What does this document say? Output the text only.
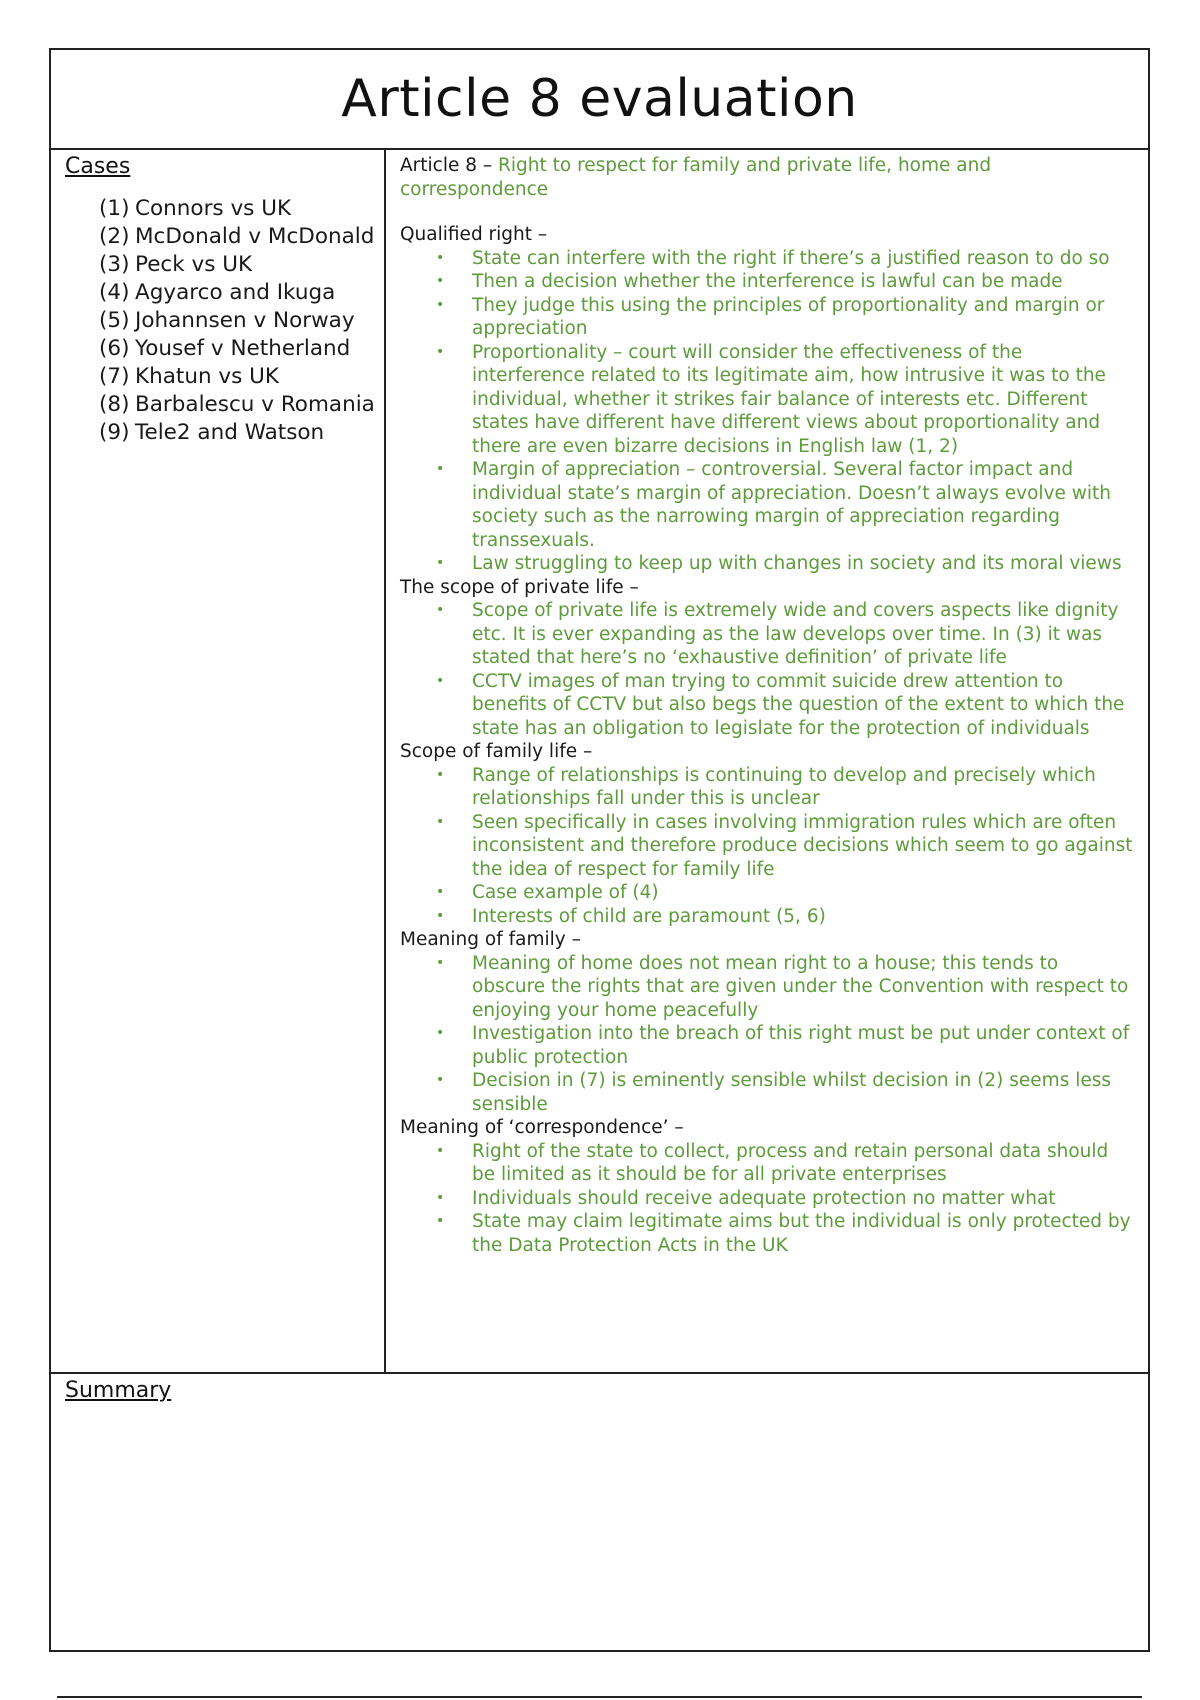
Article 8 evaluation

Cases

(1) Connors vs UK
(2) McDonald v McDonald
(3) Peck vs UK
(4) Agyarco and Ikuga
(5) Johannsen v Norway
(6) Yousef v Netherland
(7) Khatun vs UK
(8) Barbalescu v Romania
(9) Tele2 and Watson

Article 8 – Right to respect for family and private life, home and correspondence

Qualified right –

•	State can interfere with the right if there’s a justified reason to do so
•	Then a decision whether the interference is lawful can be made
•	They judge this using the principles of proportionality and margin or appreciation
•	Proportionality – court will consider the effectiveness of the interference related to its legitimate aim, how intrusive it was to the individual, whether it strikes fair balance of interests etc. Different states have different have different views about proportionality and there are even bizarre decisions in English law (1, 2)
•	Margin of appreciation – controversial. Several factor impact and individual state’s margin of appreciation. Doesn’t always evolve with society such as the narrowing margin of appreciation regarding transsexuals.
•	Law struggling to keep up with changes in society and its moral views

The scope of private life –

•	Scope of private life is extremely wide and covers aspects like dignity etc. It is ever expanding as the law develops over time. In (3) it was stated that here’s no ‘exhaustive definition’ of private life
•	CCTV images of man trying to commit suicide drew attention to benefits of CCTV but also begs the question of the extent to which the state has an obligation to legislate for the protection of individuals

Scope of family life –

•	Range of relationships is continuing to develop and precisely which relationships fall under this is unclear
•	Seen specifically in cases involving immigration rules which are often inconsistent and therefore produce decisions which seem to go against the idea of respect for family life
•	Case example of (4)
•	Interests of child are paramount (5, 6)

Meaning of family –

•	Meaning of home does not mean right to a house; this tends to obscure the rights that are given under the Convention with respect to enjoying your home peacefully
•	Investigation into the breach of this right must be put under context of public protection
•	Decision in (7) is eminently sensible whilst decision in (2) seems less sensible

Meaning of ‘correspondence’ –

•	Right of the state to collect, process and retain personal data should be limited as it should be for all private enterprises
•	Individuals should receive adequate protection no matter what
•	State may claim legitimate aims but the individual is only protected by the Data Protection Acts in the UK

Summary
